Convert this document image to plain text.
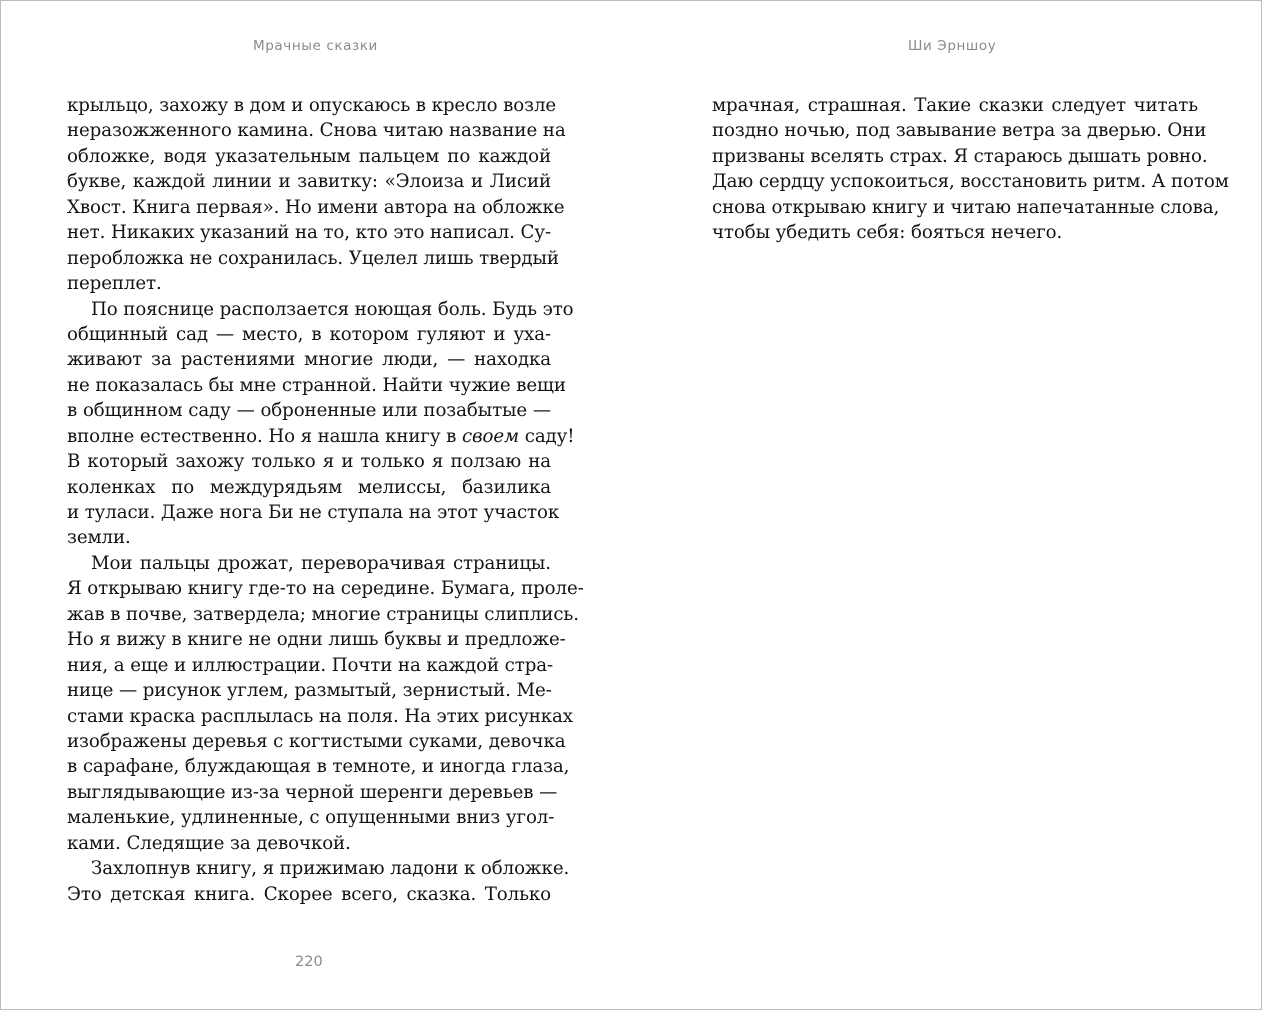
Мрачные сказки	Ши Эрншоу
крыльцо, захожу в дом и опускаюсь в кресло возле
неразожженного камина. Снова читаю название на
обложке, водя указательным пальцем по каждой
букве, каждой линии и завитку: «Элоиза и Лисий
Хвост. Книга первая». Но имени автора на обложке
нет. Никаких указаний на то, кто это написал. Су-
перобложка не сохранилась. Уцелел лишь твердый
переплет.
По пояснице расползается ноющая боль. Будь это
общинный сад — место, в котором гуляют и уха-
живают за растениями многие люди, — находка
не показалась бы мне странной. Найти чужие вещи
в общинном саду — оброненные или позабытые —
вполне естественно. Но я нашла книгу в своем саду!
В который захожу только я и только я ползаю на
коленках по междурядьям мелиссы, базилика
и туласи. Даже нога Би не ступала на этот участок
земли.
Мои пальцы дрожат, переворачивая страницы.
Я открываю книгу где-то на середине. Бумага, проле-
жав в почве, затвердела; многие страницы слиплись.
Но я вижу в книге не одни лишь буквы и предложе-
ния, а еще и иллюстрации. Почти на каждой стра-
нице — рисунок углем, размытый, зернистый. Ме-
стами краска расплылась на поля. На этих рисунках
изображены деревья с когтистыми суками, девочка
в сарафане, блуждающая в темноте, и иногда глаза,
выглядывающие из-за черной шеренги деревьев —
маленькие, удлиненные, с опущенными вниз угол-
ками. Следящие за девочкой.
Захлопнув книгу, я прижимаю ладони к обложке.
Это детская книга. Скорее всего, сказка. Только
мрачная, страшная. Такие сказки следует читать
поздно ночью, под завывание ветра за дверью. Они
призваны вселять страх. Я стараюсь дышать ровно.
Даю сердцу успокоиться, восстановить ритм. А потом
снова открываю книгу и читаю напечатанные слова,
чтобы убедить себя: бояться нечего.
220
